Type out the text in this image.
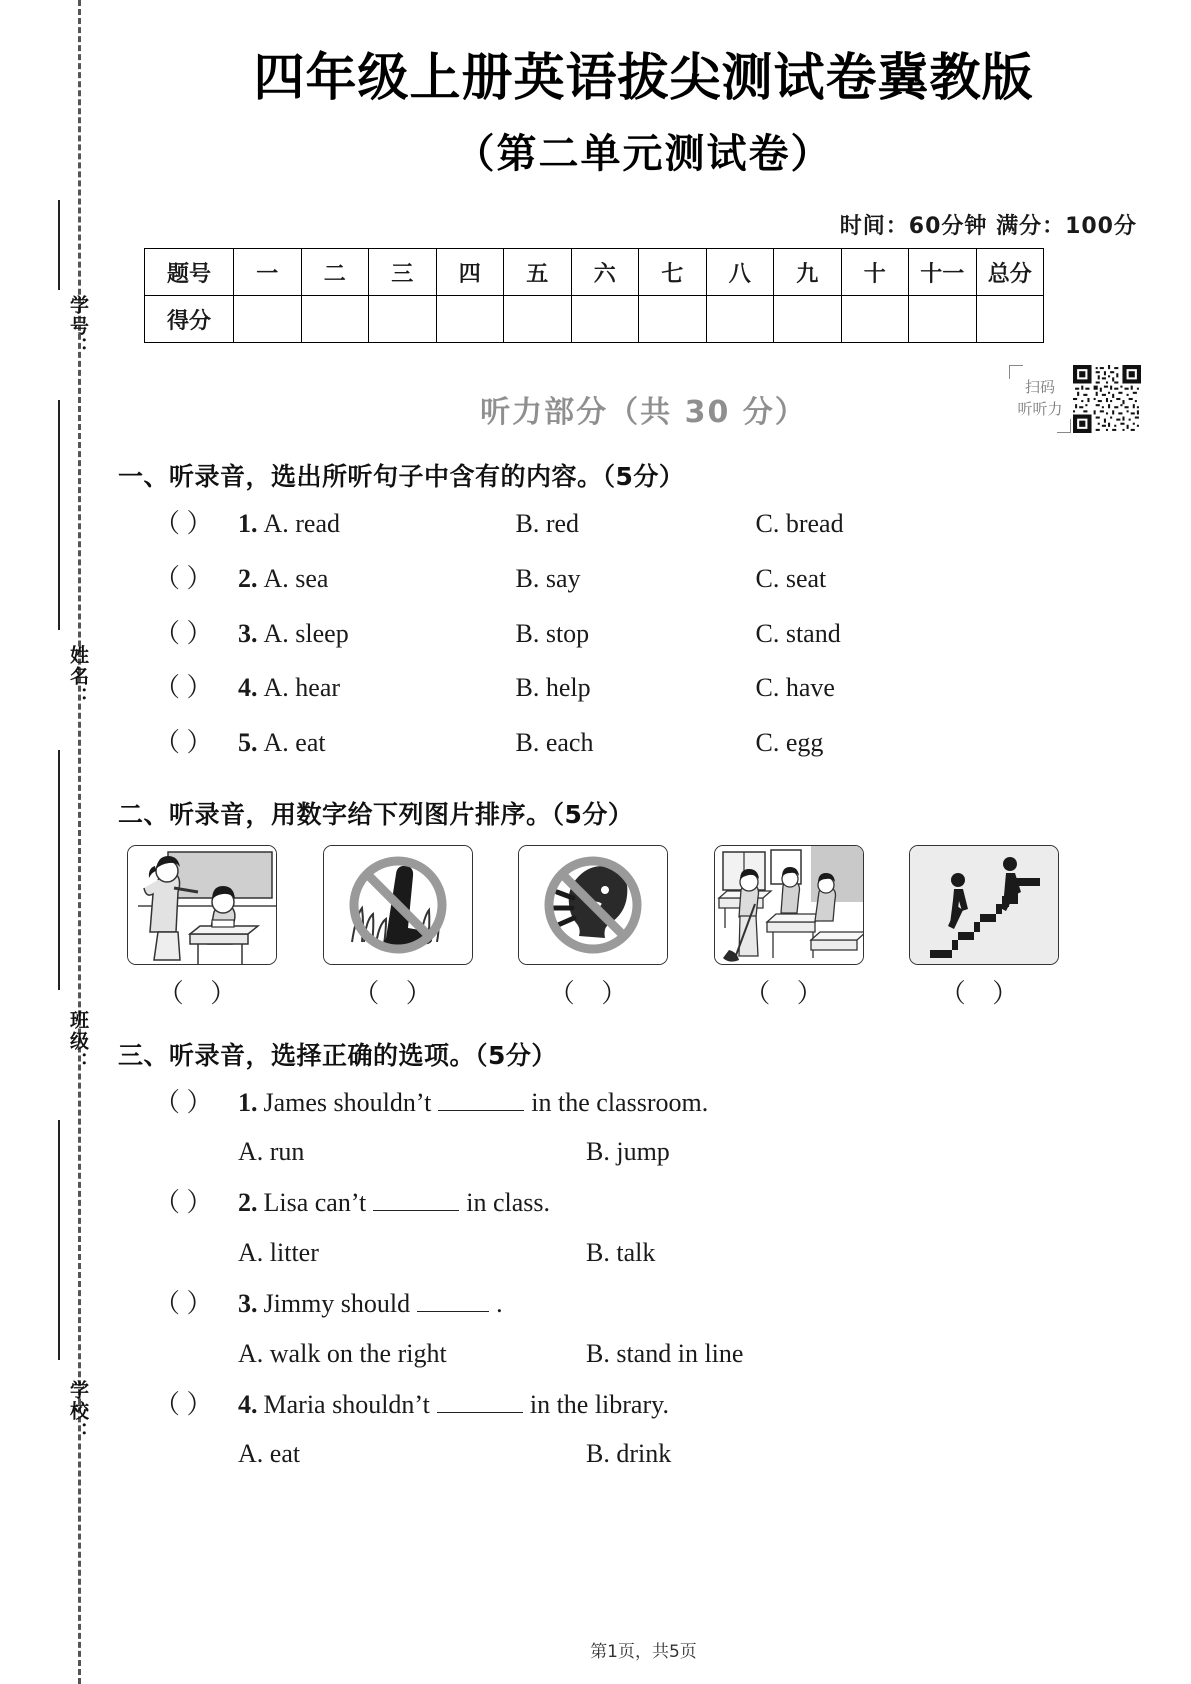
学号：
姓名：
班级：
学校：
四年级上册英语拔尖测试卷冀教版
（第二单元测试卷）
时间：60分钟 满分：100分
题号	一	二	三	四	五	六	七	八	九	十	十一	总分
得分												
听力部分（共 30 分）
扫码
听听力
一、听录音，选出所听句子中含有的内容。（5分）
（ ） 1. A. read	B. red	C. bread
（ ） 2. A. sea	B. say	C. seat
（ ） 3. A. sleep	B. stop	C. stand
（ ） 4. A. hear	B. help	C. have
（ ） 5. A. eat	B. each	C. egg
二、听录音，用数字给下列图片排序。（5分）
（ ）	（ ）	（ ）	（ ）	（ ）
三、听录音，选择正确的选项。（5分）
（ ） 1. James shouldn’t	in the classroom.
A. run	B. jump
（ ） 2. Lisa can’t	in class.
A. litter	B. talk
（ ） 3. Jimmy should	.
A. walk on the right	B. stand in line
（ ） 4. Maria shouldn’t	in the library.
A. eat	B. drink
第1页，共5页
